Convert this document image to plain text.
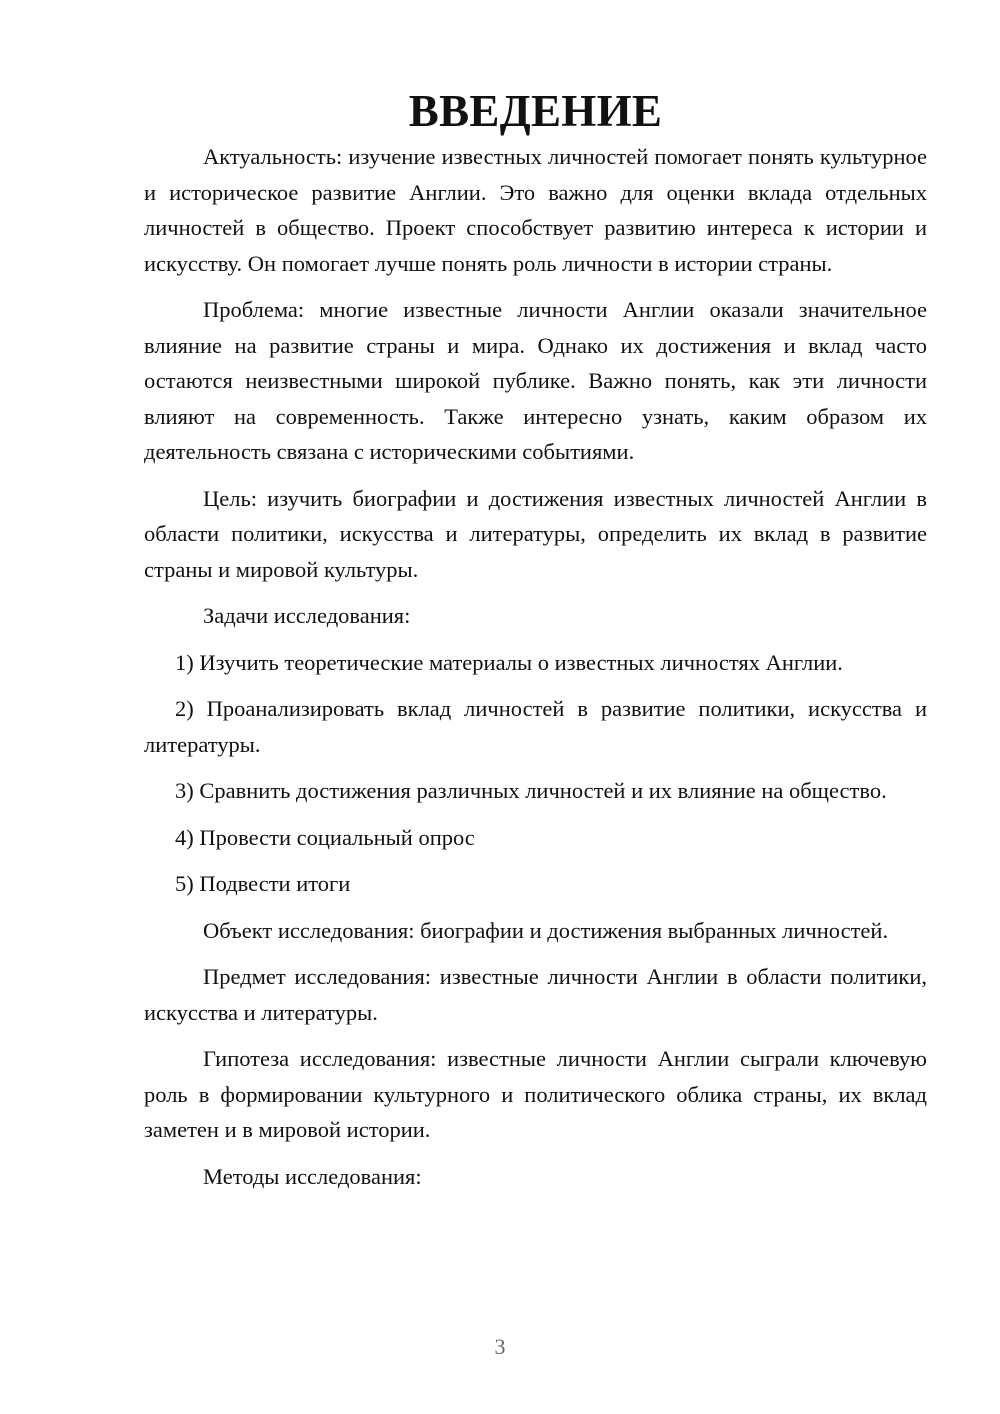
ВВЕДЕНИЕ

Актуальность: изучение известных личностей помогает понять культурное и историческое развитие Англии. Это важно для оценки вклада отдельных личностей в общество. Проект способствует развитию интереса к истории и искусству. Он помогает лучше понять роль личности в истории страны.

Проблема: многие известные личности Англии оказали значительное влияние на развитие страны и мира. Однако их достижения и вклад часто остаются неизвестными широкой публике. Важно понять, как эти личности влияют на современность. Также интересно узнать, каким образом их деятельность связана с историческими событиями.

Цель: изучить биографии и достижения известных личностей Англии в области политики, искусства и литературы, определить их вклад в развитие страны и мировой культуры.

Задачи исследования:

1) Изучить теоретические материалы о известных личностях Англии.

2) Проанализировать вклад личностей в развитие политики, искусства и литературы.

3) Сравнить достижения различных личностей и их влияние на общество.

4) Провести социальный опрос

5) Подвести итоги

Объект исследования: биографии и достижения выбранных личностей.

Предмет исследования: известные личности Англии в области политики, искусства и литературы.

Гипотеза исследования: известные личности Англии сыграли ключевую роль в формировании культурного и политического облика страны, их вклад заметен и в мировой истории.

Методы исследования:

3
